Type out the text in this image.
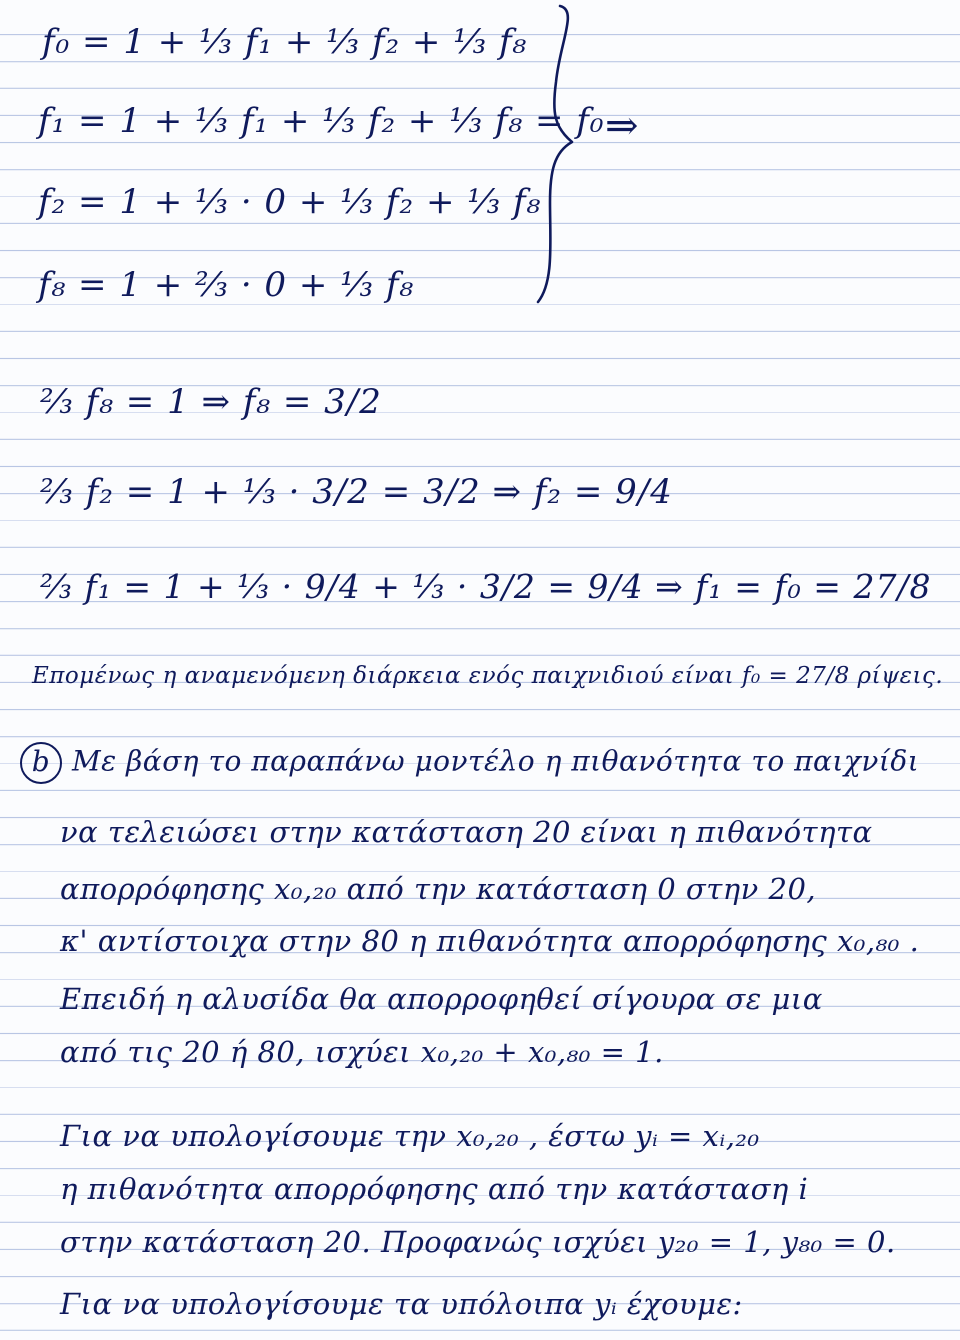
f₀ = 1 + ⅓ f₁ + ⅓ f₂ + ⅓ f₈
f₁ = 1 + ⅓ f₁ + ⅓ f₂ + ⅓ f₈ = f₀
f₂ = 1 + ⅓ · 0 + ⅓ f₂ + ⅓ f₈
f₈ = 1 + ⅔ · 0 + ⅓ f₈
⇒
⅔ f₈ = 1 ⇒ f₈ = 3/2
⅔ f₂ = 1 + ⅓ · 3/2 = 3/2 ⇒ f₂ = 9/4
⅔ f₁ = 1 + ⅓ · 9/4 + ⅓ · 3/2 = 9/4 ⇒ f₁ = f₀ = 27/8
Επομένως η αναμενόμενη διάρκεια ενός παιχνιδιού είναι f₀ = 27/8 ρίψεις.
b Με βάση το παραπάνω μοντέλο η πιθανότητα το παιχνίδι
να τελειώσει στην κατάσταση 20 είναι η πιθανότητα
απορρόφησης x₀,₂₀ από την κατάσταση 0 στην 20,
κ' αντίστοιχα στην 80 η πιθανότητα απορρόφησης x₀,₈₀ .
Επειδή η αλυσίδα θα απορροφηθεί σίγουρα σε μια
από τις 20 ή 80, ισχύει x₀,₂₀ + x₀,₈₀ = 1.
Για να υπολογίσουμε την x₀,₂₀ , έστω yᵢ = xᵢ,₂₀
η πιθανότητα απορρόφησης από την κατάσταση i
στην κατάσταση 20. Προφανώς ισχύει y₂₀ = 1, y₈₀ = 0.
Για να υπολογίσουμε τα υπόλοιπα yᵢ έχουμε:
